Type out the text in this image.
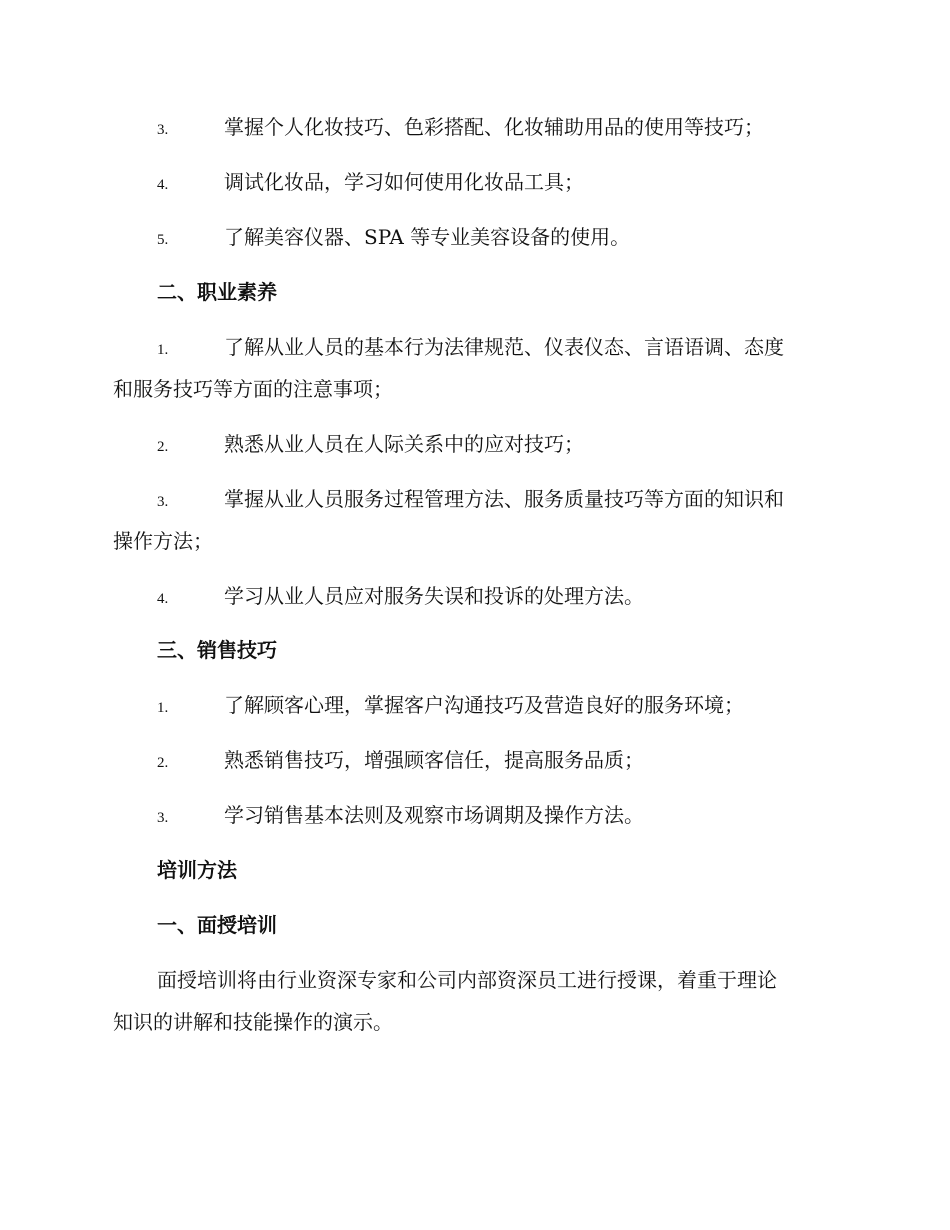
3.	掌握个人化妆技巧、色彩搭配、化妆辅助用品的使用等技巧；
4.	调试化妆品，学习如何使用化妆品工具；
5.	了解美容仪器、SPA 等专业美容设备的使用。
二、职业素养
1.	了解从业人员的基本行为法律规范、仪表仪态、言语语调、态度
和服务技巧等方面的注意事项；
2.	熟悉从业人员在人际关系中的应对技巧；
3.	掌握从业人员服务过程管理方法、服务质量技巧等方面的知识和
操作方法；
4.	学习从业人员应对服务失误和投诉的处理方法。
三、销售技巧
1.	了解顾客心理，掌握客户沟通技巧及营造良好的服务环境；
2.	熟悉销售技巧，增强顾客信任，提高服务品质；
3.	学习销售基本法则及观察市场调期及操作方法。
培训方法
一、面授培训
面授培训将由行业资深专家和公司内部资深员工进行授课，着重于理论
知识的讲解和技能操作的演示。
